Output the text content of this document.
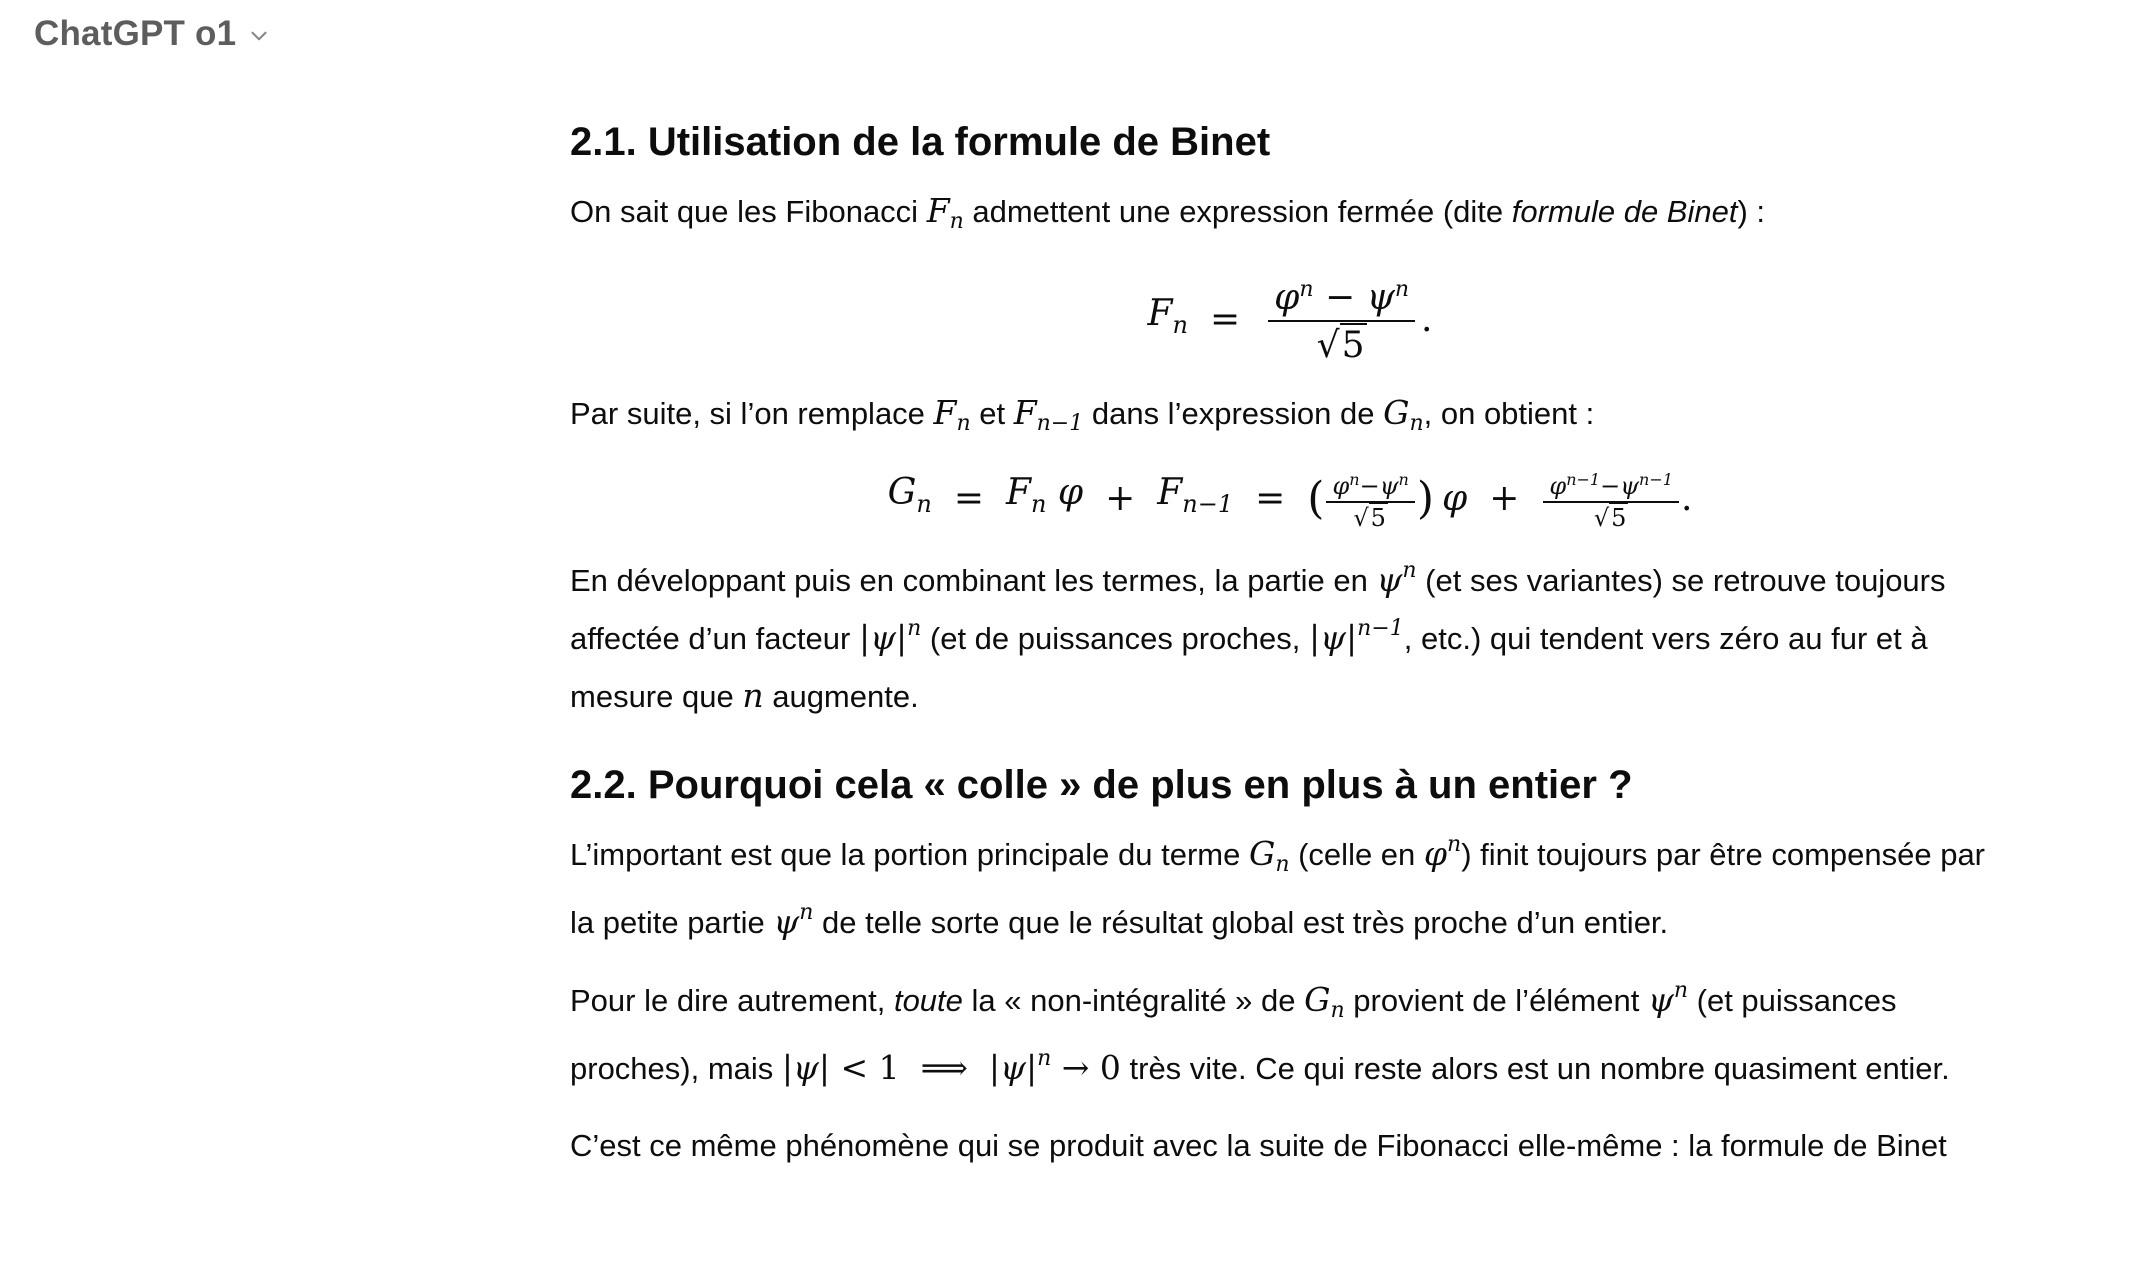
ChatGPT o1
2.1. Utilisation de la formule de Binet

On sait que les Fibonacci $F_n$ admettent une expression fermée (dite formule de Binet) :

$F_n = \frac{\varphi^n - \psi^n}{√5}$ .

Par suite, si l’on remplace $F_n$ et $F_{n-1}$ dans l’expression de $G_n$, on obtient :

$G_n = F_n$ $\varphi + F_{n-1}$ = ( $\frac{\varphi^n-\psi^n}{√5}$ ) $\varphi + \frac{\varphi^{n-1}-\psi^{n-1}}{√5}$ .

En développant puis en combinant les termes, la partie en $\psi^n$ (et ses variantes) se retrouve toujours affectée d’un facteur $|\psi|^n$ (et de puissances proches, $|\psi|^{n-1}$, etc.) qui tendent vers zéro au fur et à mesure que n augmente.

2.2. Pourquoi cela « colle » de plus en plus à un entier ?

L’important est que la portion principale du terme $G_n$ (celle en $\varphi^n$) finit toujours par être compensée par la petite partie $\psi^n$ de telle sorte que le résultat global est très proche d’un entier.

Pour le dire autrement, toute la « non-intégralité » de $G_n$ provient de l’élément $\psi^n$ (et puissances proches), mais |ψ| < 1  ⟹  $|\psi|^n \to 0$ très vite. Ce qui reste alors est un nombre quasiment entier.

C’est ce même phénomène qui se produit avec la suite de Fibonacci elle-même : la formule de Binet
